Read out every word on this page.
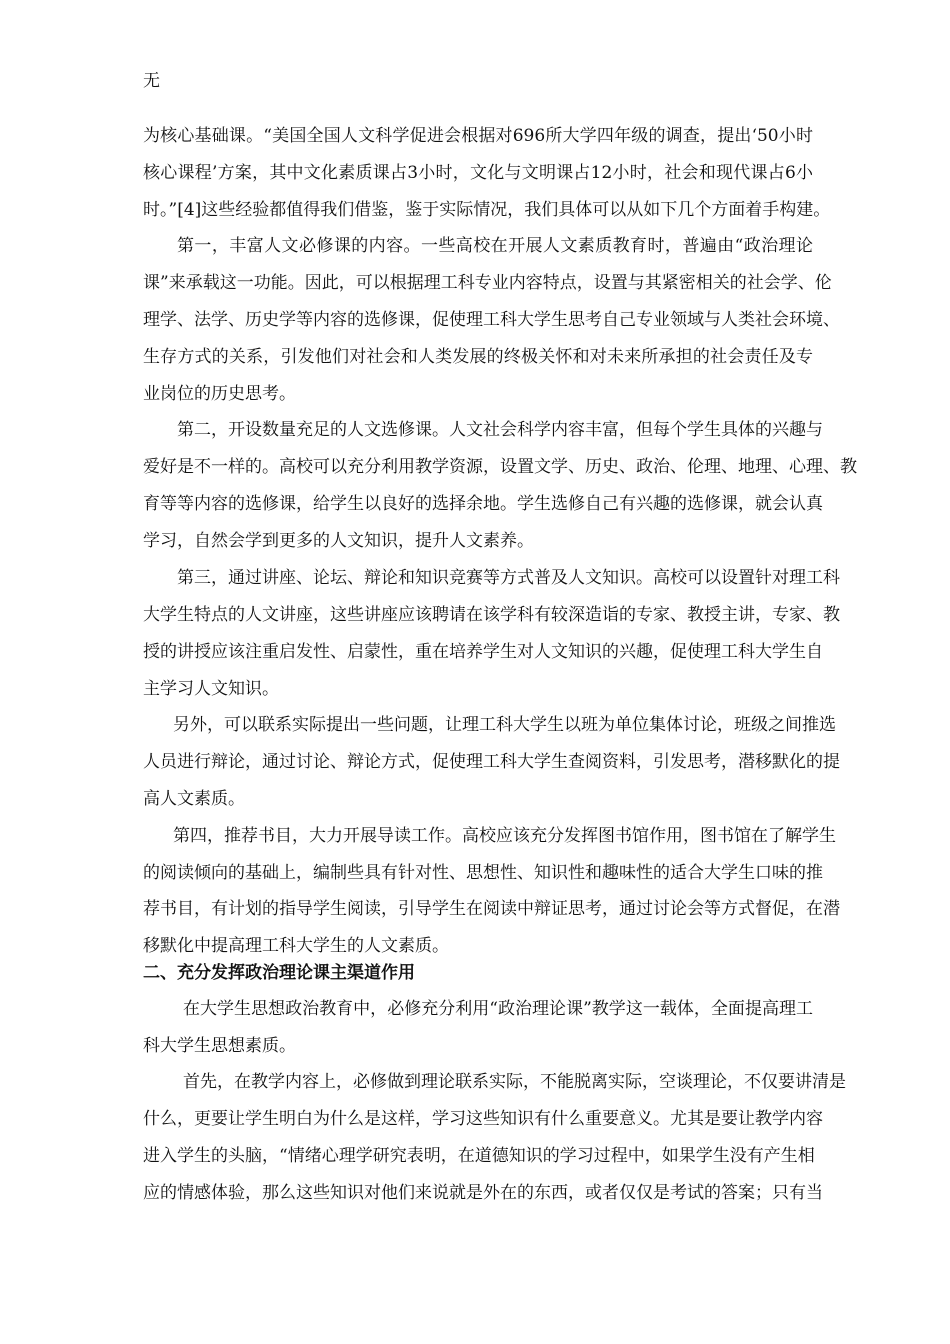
无
为核心基础课。“美国全国人文科学促进会根据对696所大学四年级的调查，提出‘50小时
核心课程’方案，其中文化素质课占3小时，文化与文明课占12小时，社会和现代课占6小
时。”[4]这些经验都值得我们借鉴，鉴于实际情况，我们具体可以从如下几个方面着手构建。
第一，丰富人文必修课的内容。一些高校在开展人文素质教育时，普遍由“政治理论
课”来承载这一功能。因此，可以根据理工科专业内容特点，设置与其紧密相关的社会学、伦
理学、法学、历史学等内容的选修课，促使理工科大学生思考自己专业领域与人类社会环境、
生存方式的关系，引发他们对社会和人类发展的终极关怀和对未来所承担的社会责任及专
业岗位的历史思考。
第二，开设数量充足的人文选修课。人文社会科学内容丰富，但每个学生具体的兴趣与
爱好是不一样的。高校可以充分利用教学资源，设置文学、历史、政治、伦理、地理、心理、教
育等等内容的选修课，给学生以良好的选择余地。学生选修自己有兴趣的选修课，就会认真
学习，自然会学到更多的人文知识，提升人文素养。
第三，通过讲座、论坛、辩论和知识竞赛等方式普及人文知识。高校可以设置针对理工科
大学生特点的人文讲座，这些讲座应该聘请在该学科有较深造诣的专家、教授主讲，专家、教
授的讲授应该注重启发性、启蒙性，重在培养学生对人文知识的兴趣，促使理工科大学生自
主学习人文知识。
另外，可以联系实际提出一些问题，让理工科大学生以班为单位集体讨论，班级之间推选
人员进行辩论，通过讨论、辩论方式，促使理工科大学生查阅资料，引发思考，潜移默化的提
高人文素质。
第四，推荐书目，大力开展导读工作。高校应该充分发挥图书馆作用，图书馆在了解学生
的阅读倾向的基础上，编制些具有针对性、思想性、知识性和趣味性的适合大学生口味的推
荐书目，有计划的指导学生阅读，引导学生在阅读中辩证思考，通过讨论会等方式督促，在潜
移默化中提高理工科大学生的人文素质。
二、充分发挥政治理论课主渠道作用
在大学生思想政治教育中，必修充分利用“政治理论课”教学这一载体，全面提高理工
科大学生思想素质。
首先，在教学内容上，必修做到理论联系实际，不能脱离实际，空谈理论，不仅要讲清是
什么，更要让学生明白为什么是这样，学习这些知识有什么重要意义。尤其是要让教学内容
进入学生的头脑，“情绪心理学研究表明，在道德知识的学习过程中，如果学生没有产生相
应的情感体验，那么这些知识对他们来说就是外在的东西，或者仅仅是考试的答案；只有当
